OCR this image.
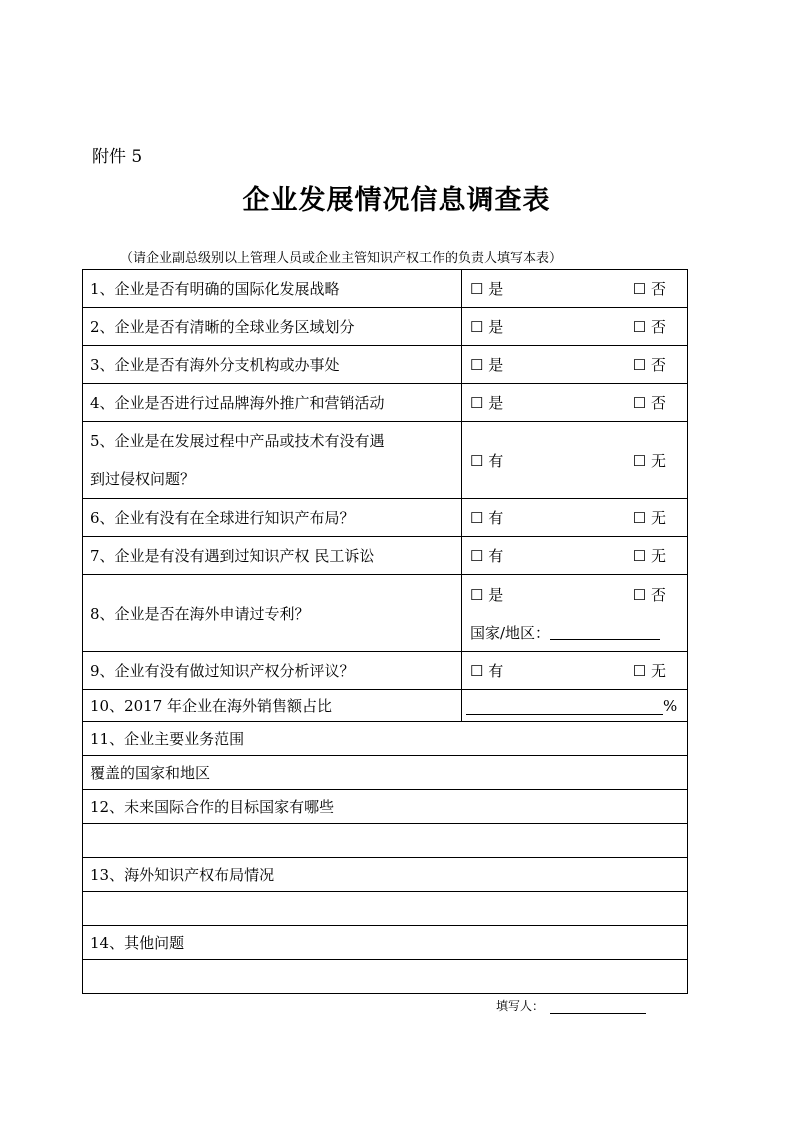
附件 5
企业发展情况信息调查表
（请企业副总级别以上管理人员或企业主管知识产权工作的负责人填写本表）
1、企业是否有明确的国际化发展战略	☐ 是 ☐ 否

2、企业是否有清晰的全球业务区域划分	☐ 是 ☐ 否

3、企业是否有海外分支机构或办事处	☐ 是 ☐ 否

4、企业是否进行过品牌海外推广和营销活动	☐ 是 ☐ 否

5、企业是在发展过程中产品或技术有没有遇
到过侵权问题？	☐ 有 ☐ 无

6、企业有没有在全球进行知识产布局？	☐ 有 ☐ 无

7、企业是有没有遇到过知识产权 民工诉讼	☐ 有 ☐ 无

8、企业是否在海外申请过专利？	☐ 是 ☐ 否
国家/地区：

9、企业有没有做过知识产权分析评议？	☐ 有 ☐ 无

10、2017 年企业在海外销售额占比	%

11、企业主要业务范围	
覆盖的国家和地区	
12、未来国际合作的目标国家有哪些	

13、海外知识产权布局情况	

14、其他问题	

填写人：
